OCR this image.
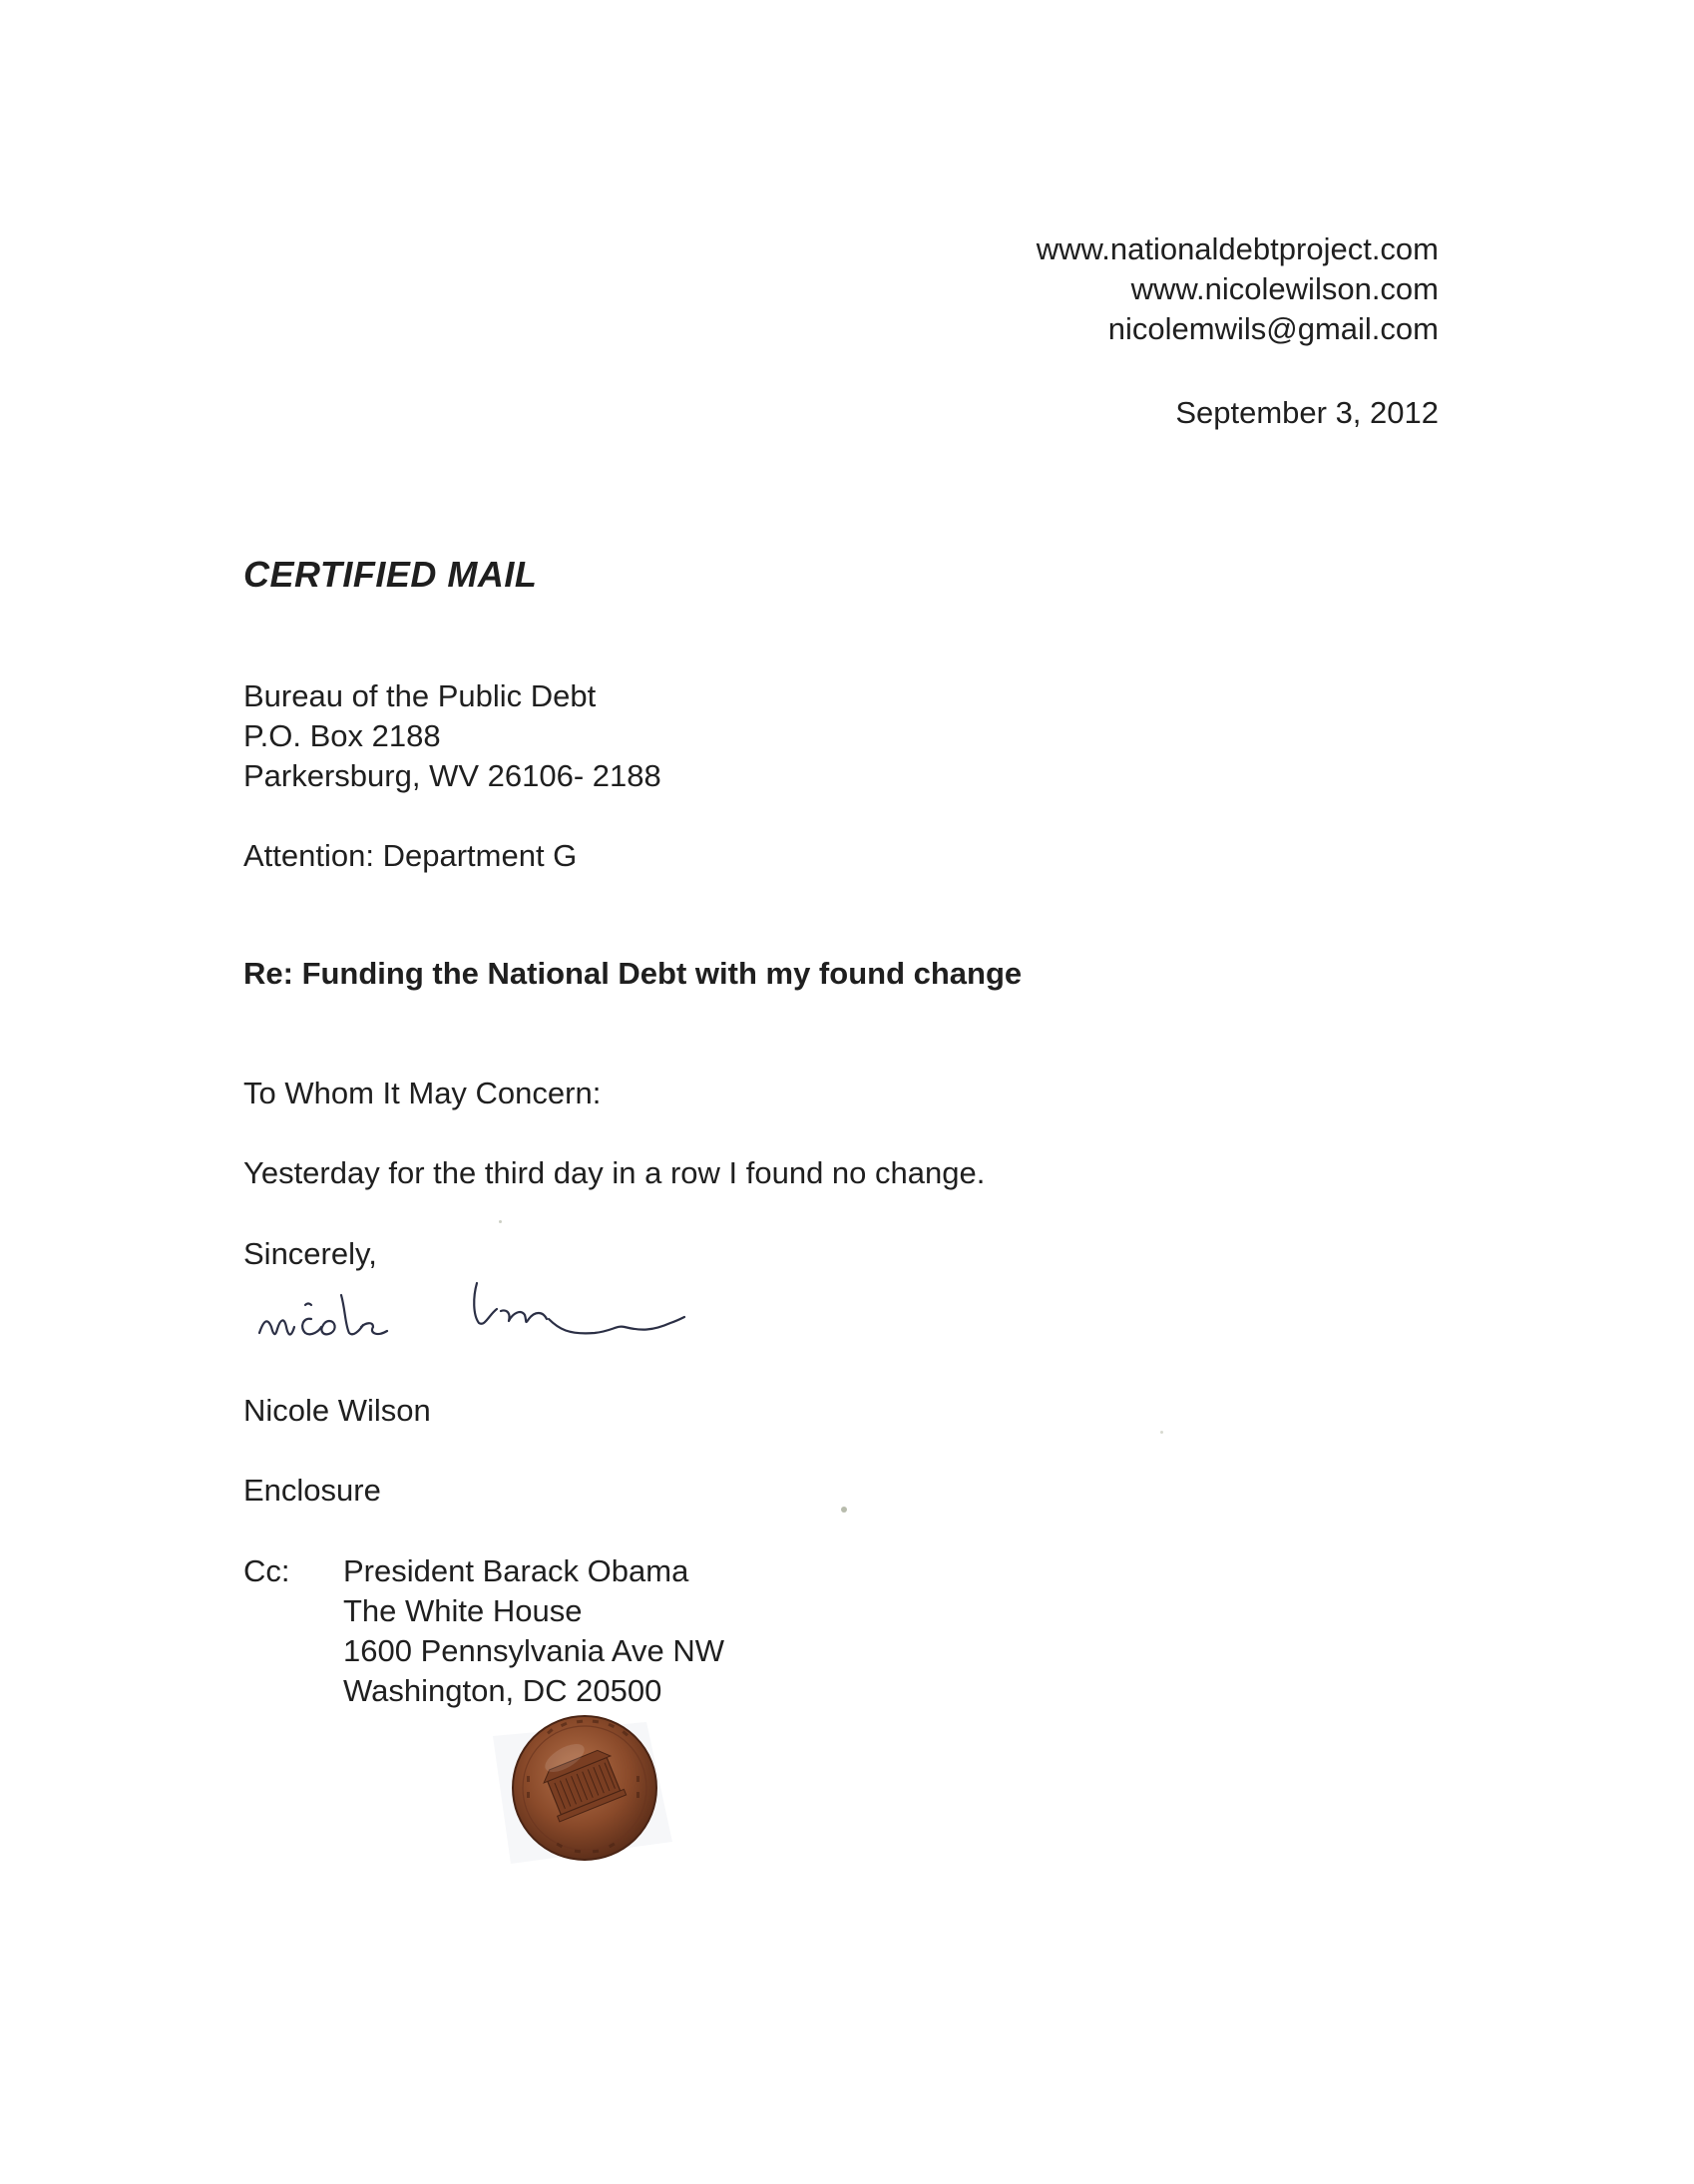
www.nationaldebtproject.com
www.nicolewilson.com
nicolemwils@gmail.com
September 3, 2012
CERTIFIED MAIL
Bureau of the Public Debt
P.O. Box 2188
Parkersburg, WV 26106- 2188
Attention: Department G
Re: Funding the National Debt with my found change
To Whom It May Concern:
Yesterday for the third day in a row I found no change.
Sincerely,
Nicole Wilson
Enclosure
Cc: President Barack Obama
The White House
1600 Pennsylvania Ave NW
Washington, DC 20500
